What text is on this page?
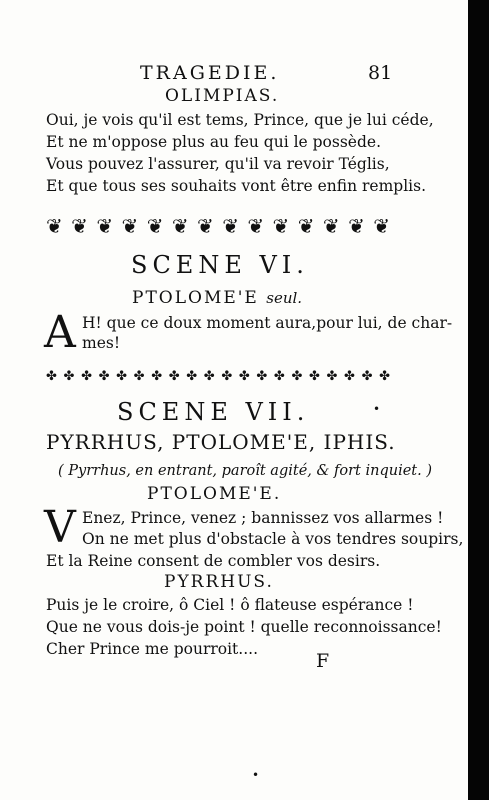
TRAGEDIE.	81
OLIMPIAS.
Oui, je vois qu'il est tems, Prince, que je lui céde,
Et ne m'oppose plus au feu qui le possède.
Vous pouvez l'assurer, qu'il va revoir Téglis,
Et que tous ses souhaits vont être enfin remplis.
❦ ❦ ❦ ❦ ❦ ❦ ❦ ❦ ❦ ❦ ❦ ❦ ❦ ❦
SCENE VI.
PTOLOME'E seul.
A H! que ce doux moment aura,pour lui, de char-
mes!
✤ ✤ ✤ ✤ ✤ ✤ ✤ ✤ ✤ ✤ ✤ ✤ ✤ ✤ ✤ ✤ ✤ ✤ ✤ ✤
SCENE VII.
PYRRHUS, PTOLOME'E, IPHIS.
( Pyrrhus, en entrant, paroît agité, & fort inquiet. )
PTOLOME'E.
V Enez, Prince, venez ; bannissez vos allarmes !
On ne met plus d'obstacle à vos tendres soupirs,
Et la Reine consent de combler vos desirs.
PYRRHUS.
Puis je le croire, ô Ciel ! ô flateuse espérance !
Que ne vous dois-je point ! quelle reconnoissance!
Cher Prince me pourroit....
F
•
•
